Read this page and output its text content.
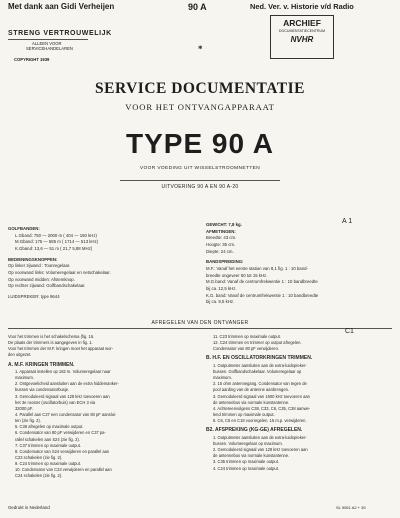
Met dank aan Gidi Verheijen	90 A	Ned. Ver. v. Historie v/d Radio
ARCHIEF
DOCUMENTATIECENTRUM
NVHR
*
STRENG VERTROUWELIJK
ALLEEN VOOR
SERVICEHANDELAREN
COPYRIGHT 1939
SERVICE DOCUMENTATIE
VOOR HET ONTVANGAPPARAAT
TYPE 90 A
VOOR VOEDING UIT WISSELSTROOMNETTEN
UITVOERING 90 A EN 90 A-20
A 1
GOLFBANDEN:
L.Gband: 750 — 2000 m ( 404 — 150 kHz)
M.Gband: 175 — 585 m ( 1714 — 513 kHz)
K.Gband: 13,6 — 51 m ( 21,7 5,88 MHz)
BEDIENINGSKNOPPEN:
Op linker zijwand : Toonregelaar.
Op voorwand links: Volumeregelaar en netschakelaar.
Op voorwand midden: Afstemknop.
Op rechter zijwand: Golfbandschakelaar.
LUIDSPREKER: type 9644
GEWICHT: 7,8 kg.
AFMETINGEN:
Breedte: 43 cm.
Hoogte: 35 cm.
Diepte: 24 cm.
BANDSPREIDING:
M.F.: Vanaf het eerste station van 8,1 fig. 1 : 10 band-
breedte ongeveer 50 tot 15 kHz.
M.G.band: Vanaf de centrumfrekwentie 1 : 10 bandbreedte
bij ca. 12,5 kHz.
K.G. band: Vanaf de centrumfrekwentie 1 : 10 bandbreedte
bij ca. 9,5 kHz.
AFREGELEN VAN DEN ONTVANGER
C1
Voor het trimmen is het schakelschema (fig. 16.
De plaats der trimmers is aangegeven in fig. 1.
Voor het trimmen der M.F. kringen moet het apparaat wor-
den uitgezet.
A. M.F. KRINGEN TRIMMEN.
1. Apparaat instellen op 182 m. Volumeregelaar naar
maximum.
2. Ontgevoelicheid aansluiten aan de extra hiddemanker-
bussen via condensatorbusje.
3. Gemoduleerd signaal van 128 kHz toevoeren aan
het 3e rooster (oscillatorbuis) van ECH 3 via
32000 pF.
4. Parallel aan C37 een condensator van 80 pF aanslui-
ten (zie fig. 2).
5. C38 afregelen op maximale output.
6. Condensator van 80 pF verwijderen en C37 pa-
rallel schakelen aan S24 (zie fig. 2).
7. C37 trimmen op maximale output.
8. Condensator van S24 verwijderen en parallel aan
C23 schakelen (zie fig. 2).
9. C24 trimmen op maximale output.
10. Condensator van C23 verwijderen en parallel aan
C24 schakelen (zie fig. 2).
11. C23 trimmen op maximale output.
12. C24 trimmen en trimmer op output afregelen.
Condensator van 80 pF verwijderen.
B. H.F. EN OSCILLATORKRINGEN TRIMMEN.
1. Outputmeter aansluiten aan de extra-luidspreker-
bussen. Golfbandschakelaar. Volumeregelaar op
maximum.
2. 15 ohm antennegang. Condensator van tegen de
pool aarding van de antenne aanbrengen.
3. Gemoduleerd signaal van 1600 kHz toevoeren aan
de antennebus via normale kunstantenne.
4. Achtereenvolgens C38, C33, C6, C35, C38 aanwe-
lend trimmen op maximale output.
5. C6, C5 en C18 voorregelen. 15 m.p. verwijderen.
B2. AFSPREKING (KG-GE) AFREGELEN.
1. Outputmeter aansluiten aan de extra-luidspreker-
bussen. Volumeregelaar op maximum.
2. Gemoduleerd signaal van 128 kHz toevoeren aan
de antennebus via normale kunstantenne.
3. C35 trimmen op maximale output.
4. C24 trimmen op maximale output.
Gedrukt in Nederland	SL 9051 A2 + 39
